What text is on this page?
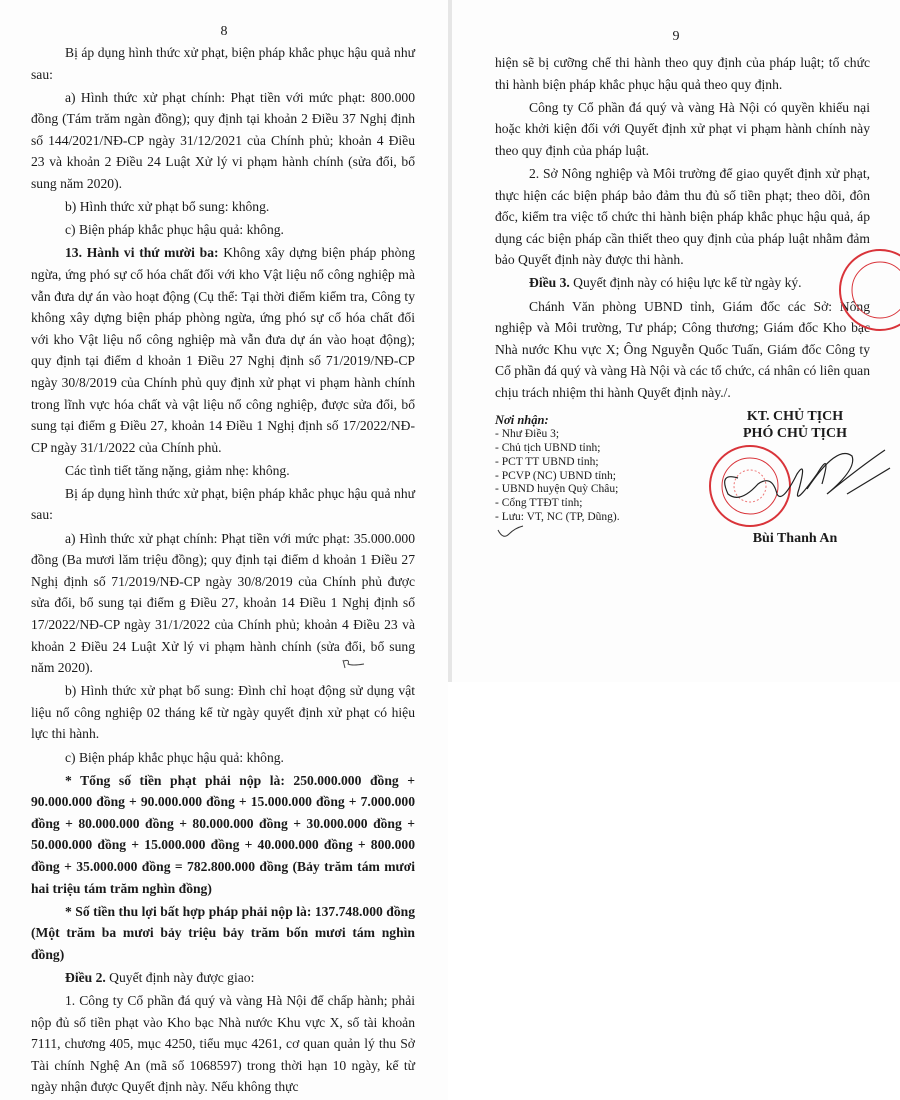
8

Bị áp dụng hình thức xử phạt, biện pháp khắc phục hậu quả như sau:

a) Hình thức xử phạt chính: Phạt tiền với mức phạt: 800.000 đồng (Tám trăm ngàn đồng); quy định tại khoản 2 Điều 37 Nghị định số 144/2021/NĐ-CP ngày 31/12/2021 của Chính phủ; khoản 4 Điều 23 và khoản 2 Điều 24 Luật Xử lý vi phạm hành chính (sửa đổi, bổ sung năm 2020).

b) Hình thức xử phạt bổ sung: không.

c) Biện pháp khắc phục hậu quả: không.

13. Hành vi thứ mười ba: Không xây dựng biện pháp phòng ngừa, ứng phó sự cố hóa chất đối với kho Vật liệu nổ công nghiệp mà vẫn đưa dự án vào hoạt động (Cụ thể: Tại thời điểm kiểm tra, Công ty không xây dựng biện pháp phòng ngừa, ứng phó sự cố hóa chất đối với kho Vật liệu nổ công nghiệp mà vẫn đưa dự án vào hoạt động); quy định tại điểm d khoản 1 Điều 27 Nghị định số 71/2019/NĐ-CP ngày 30/8/2019 của Chính phủ quy định xử phạt vi phạm hành chính trong lĩnh vực hóa chất và vật liệu nổ công nghiệp, được sửa đổi, bổ sung tại điểm g Điều 27, khoản 14 Điều 1 Nghị định số 17/2022/NĐ-CP ngày 31/1/2022 của Chính phủ.

Các tình tiết tăng nặng, giảm nhẹ: không.

Bị áp dụng hình thức xử phạt, biện pháp khắc phục hậu quả như sau:

a) Hình thức xử phạt chính: Phạt tiền với mức phạt: 35.000.000 đồng (Ba mươi lăm triệu đồng); quy định tại điểm d khoản 1 Điều 27 Nghị định số 71/2019/NĐ-CP ngày 30/8/2019 của Chính phủ được sửa đổi, bổ sung tại điểm g Điều 27, khoản 14 Điều 1 Nghị định số 17/2022/NĐ-CP ngày 31/1/2022 của Chính phủ; khoản 4 Điều 23 và khoản 2 Điều 24 Luật Xử lý vi phạm hành chính (sửa đổi, bổ sung năm 2020).

b) Hình thức xử phạt bổ sung: Đình chỉ hoạt động sử dụng vật liệu nổ công nghiệp 02 tháng kể từ ngày quyết định xử phạt có hiệu lực thi hành.

c) Biện pháp khắc phục hậu quả: không.

* Tổng số tiền phạt phải nộp là: 250.000.000 đồng + 90.000.000 đồng + 90.000.000 đồng + 15.000.000 đồng + 7.000.000 đồng + 80.000.000 đồng + 80.000.000 đồng + 30.000.000 đồng + 50.000.000 đồng + 15.000.000 đồng + 40.000.000 đồng + 800.000 đồng + 35.000.000 đồng = 782.800.000 đồng (Bảy trăm tám mươi hai triệu tám trăm nghìn đồng)

* Số tiền thu lợi bất hợp pháp phải nộp là: 137.748.000 đồng (Một trăm ba mươi bảy triệu bảy trăm bốn mươi tám nghìn đồng)

Điều 2. Quyết định này được giao:

1. Công ty Cổ phần đá quý và vàng Hà Nội để chấp hành; phải nộp đủ số tiền phạt vào Kho bạc Nhà nước Khu vực X, số tài khoản 7111, chương 405, mục 4250, tiểu mục 4261, cơ quan quản lý thu Sở Tài chính Nghệ An (mã số 1068597) trong thời hạn 10 ngày, kể từ ngày nhận được Quyết định này. Nếu không thực

9

hiện sẽ bị cưỡng chế thi hành theo quy định của pháp luật; tổ chức thi hành biện pháp khắc phục hậu quả theo quy định.

Công ty Cổ phần đá quý và vàng Hà Nội có quyền khiếu nại hoặc khởi kiện đối với Quyết định xử phạt vi phạm hành chính này theo quy định của pháp luật.

2. Sở Nông nghiệp và Môi trường để giao quyết định xử phạt, thực hiện các biện pháp bảo đảm thu đủ số tiền phạt; theo dõi, đôn đốc, kiểm tra việc tổ chức thi hành biện pháp khắc phục hậu quả, áp dụng các biện pháp cần thiết theo quy định của pháp luật nhằm đảm bảo Quyết định này được thi hành.

Điều 3. Quyết định này có hiệu lực kể từ ngày ký.

Chánh Văn phòng UBND tỉnh, Giám đốc các Sở: Nông nghiệp và Môi trường, Tư pháp; Công thương; Giám đốc Kho bạc Nhà nước Khu vực X; Ông Nguyễn Quốc Tuấn, Giám đốc Công ty Cổ phần đá quý và vàng Hà Nội và các tổ chức, cá nhân có liên quan chịu trách nhiệm thi hành Quyết định này./.

Nơi nhận:
- Như Điều 3;
- Chủ tịch UBND tỉnh;
- PCT TT UBND tỉnh;
- PCVP (NC) UBND tỉnh;
- UBND huyện Quỳ Châu;
- Cổng TTĐT tỉnh;
- Lưu: VT, NC (TP, Dũng).
KT. CHỦ TỊCH
PHÓ CHỦ TỊCH
Bùi Thanh An
